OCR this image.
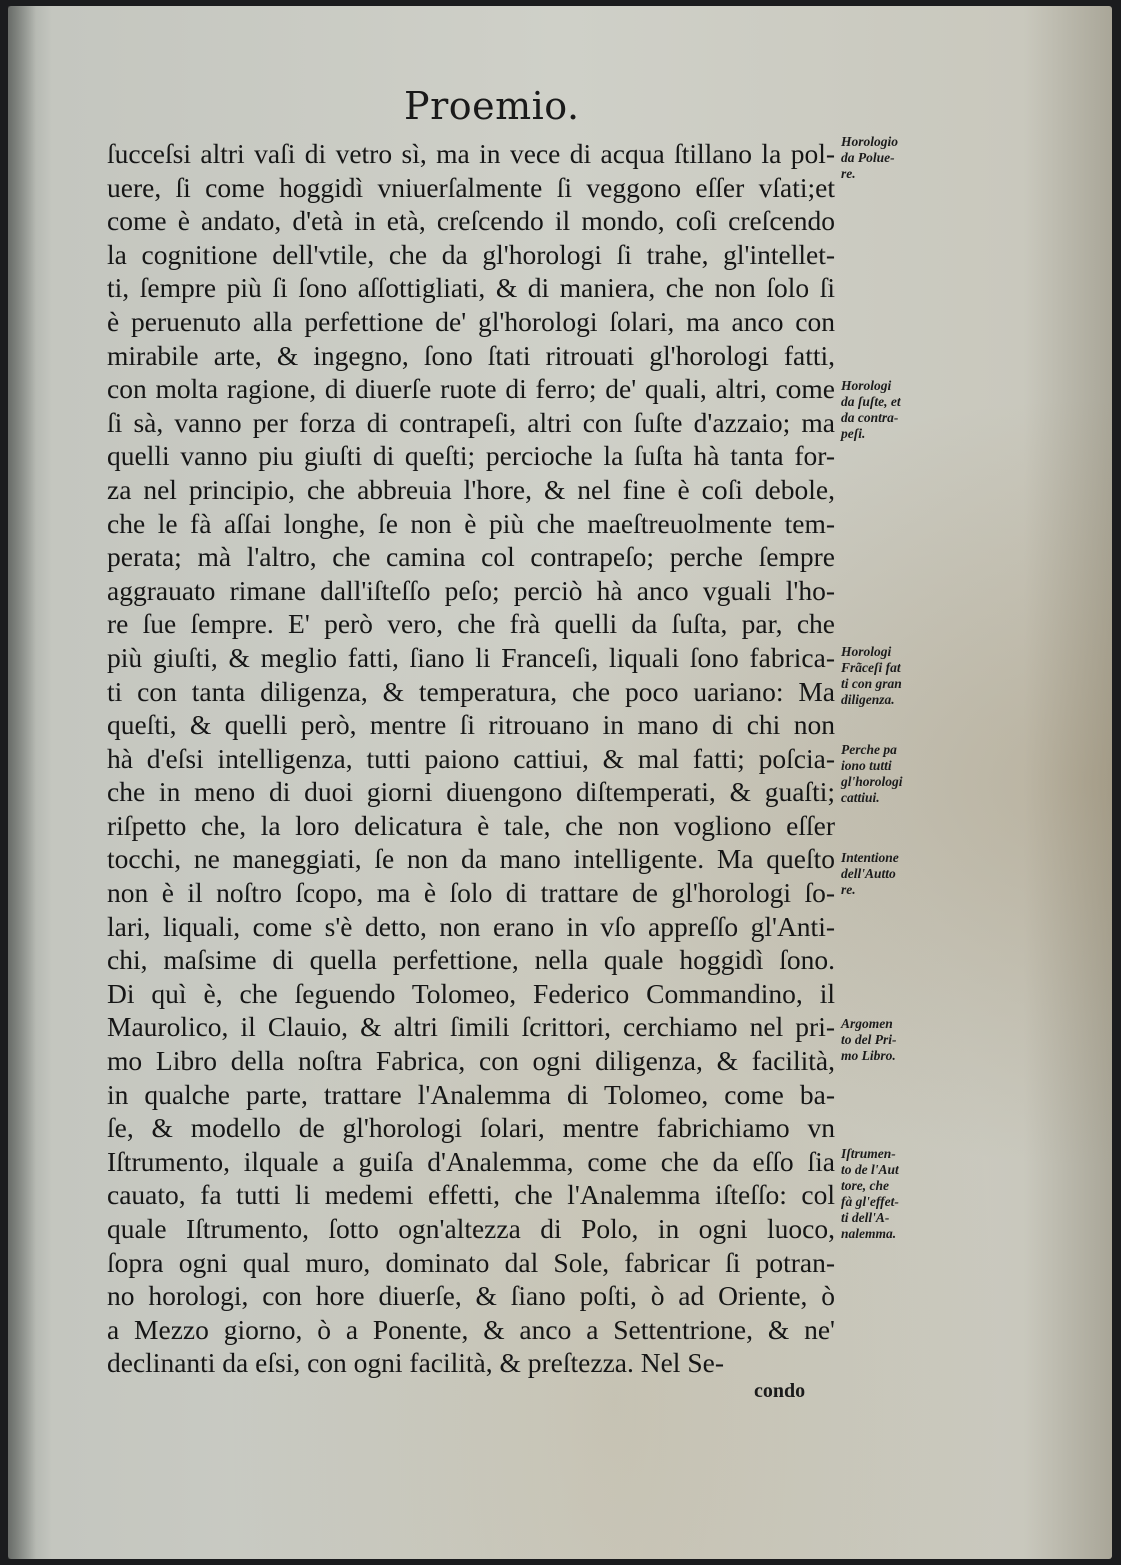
Proemio.
ſucceſsi altri vaſi di vetro sì, ma in vece di acqua ſtillano la pol-
uere, ſi come hoggidì vniuerſalmente ſi veggono eſſer vſati;et
come è andato, d'età in età, creſcendo il mondo, coſi creſcendo
la cognitione dell'vtile, che da gl'horologi ſi trahe, gl'intellet-
ti, ſempre più ſi ſono aſſottigliati, & di maniera, che non ſolo ſi
è peruenuto alla perfettione de' gl'horologi ſolari, ma anco con
mirabile arte, & ingegno, ſono ſtati ritrouati gl'horologi fatti,
con molta ragione, di diuerſe ruote di ferro; de' quali, altri, come
ſi sà, vanno per forza di contrapeſi, altri con ſuſte d'azzaio; ma
quelli vanno piu giuſti di queſti; percioche la ſuſta hà tanta for-
za nel principio, che abbreuia l'hore, & nel fine è coſi debole,
che le fà aſſai longhe, ſe non è più che maeſtreuolmente tem-
perata; mà l'altro, che camina col contrapeſo; perche ſempre
aggrauato rimane dall'iſteſſo peſo; perciò hà anco vguali l'ho-
re ſue ſempre. E' però vero, che frà quelli da ſuſta, par, che
più giuſti, & meglio fatti, ſiano li Franceſi, liquali ſono fabrica-
ti con tanta diligenza, & temperatura, che poco uariano: Ma
queſti, & quelli però, mentre ſi ritrouano in mano di chi non
hà d'eſsi intelligenza, tutti paiono cattiui, & mal fatti; poſcia-
che in meno di duoi giorni diuengono diſtemperati, & guaſti;
riſpetto che, la loro delicatura è tale, che non vogliono eſſer
tocchi, ne maneggiati, ſe non da mano intelligente. Ma queſto
non è il noſtro ſcopo, ma è ſolo di trattare de gl'horologi ſo-
lari, liquali, come s'è detto, non erano in vſo appreſſo gl'Anti-
chi, maſsime di quella perfettione, nella quale hoggidì ſono.
Di quì è, che ſeguendo Tolomeo, Federico Commandino, il
Maurolico, il Clauio, & altri ſimili ſcrittori, cerchiamo nel pri-
mo Libro della noſtra Fabrica, con ogni diligenza, & facilità,
in qualche parte, trattare l'Analemma di Tolomeo, come ba-
ſe, & modello de gl'horologi ſolari, mentre fabrichiamo vn
Iſtrumento, ilquale a guiſa d'Analemma, come che da eſſo ſia
cauato, fa tutti li medemi effetti, che l'Analemma iſteſſo: col
quale Iſtrumento, ſotto ogn'altezza di Polo, in ogni luoco,
ſopra ogni qual muro, dominato dal Sole, fabricar ſi potran-
no horologi, con hore diuerſe, & ſiano poſti, ò ad Oriente, ò
a Mezzo giorno, ò a Ponente, & anco a Settentrione, & ne'
declinanti da eſsi, con ogni facilità, & preſtezza. Nel Se-
condo
Horologio
da Polue-
re.
Horologi
da ſuſte, et
da contra-
peſi.
Horologi
Frãceſi fat
ti con gran
diligenza.
Perche pa
iono tutti
gl'horologi
cattiui.
Intentione
dell'Autto
re.
Argomen
to del Pri-
mo Libro.
Iſtrumen-
to de l'Aut
tore, che
fà gl'effet-
ti dell'A-
nalemma.
